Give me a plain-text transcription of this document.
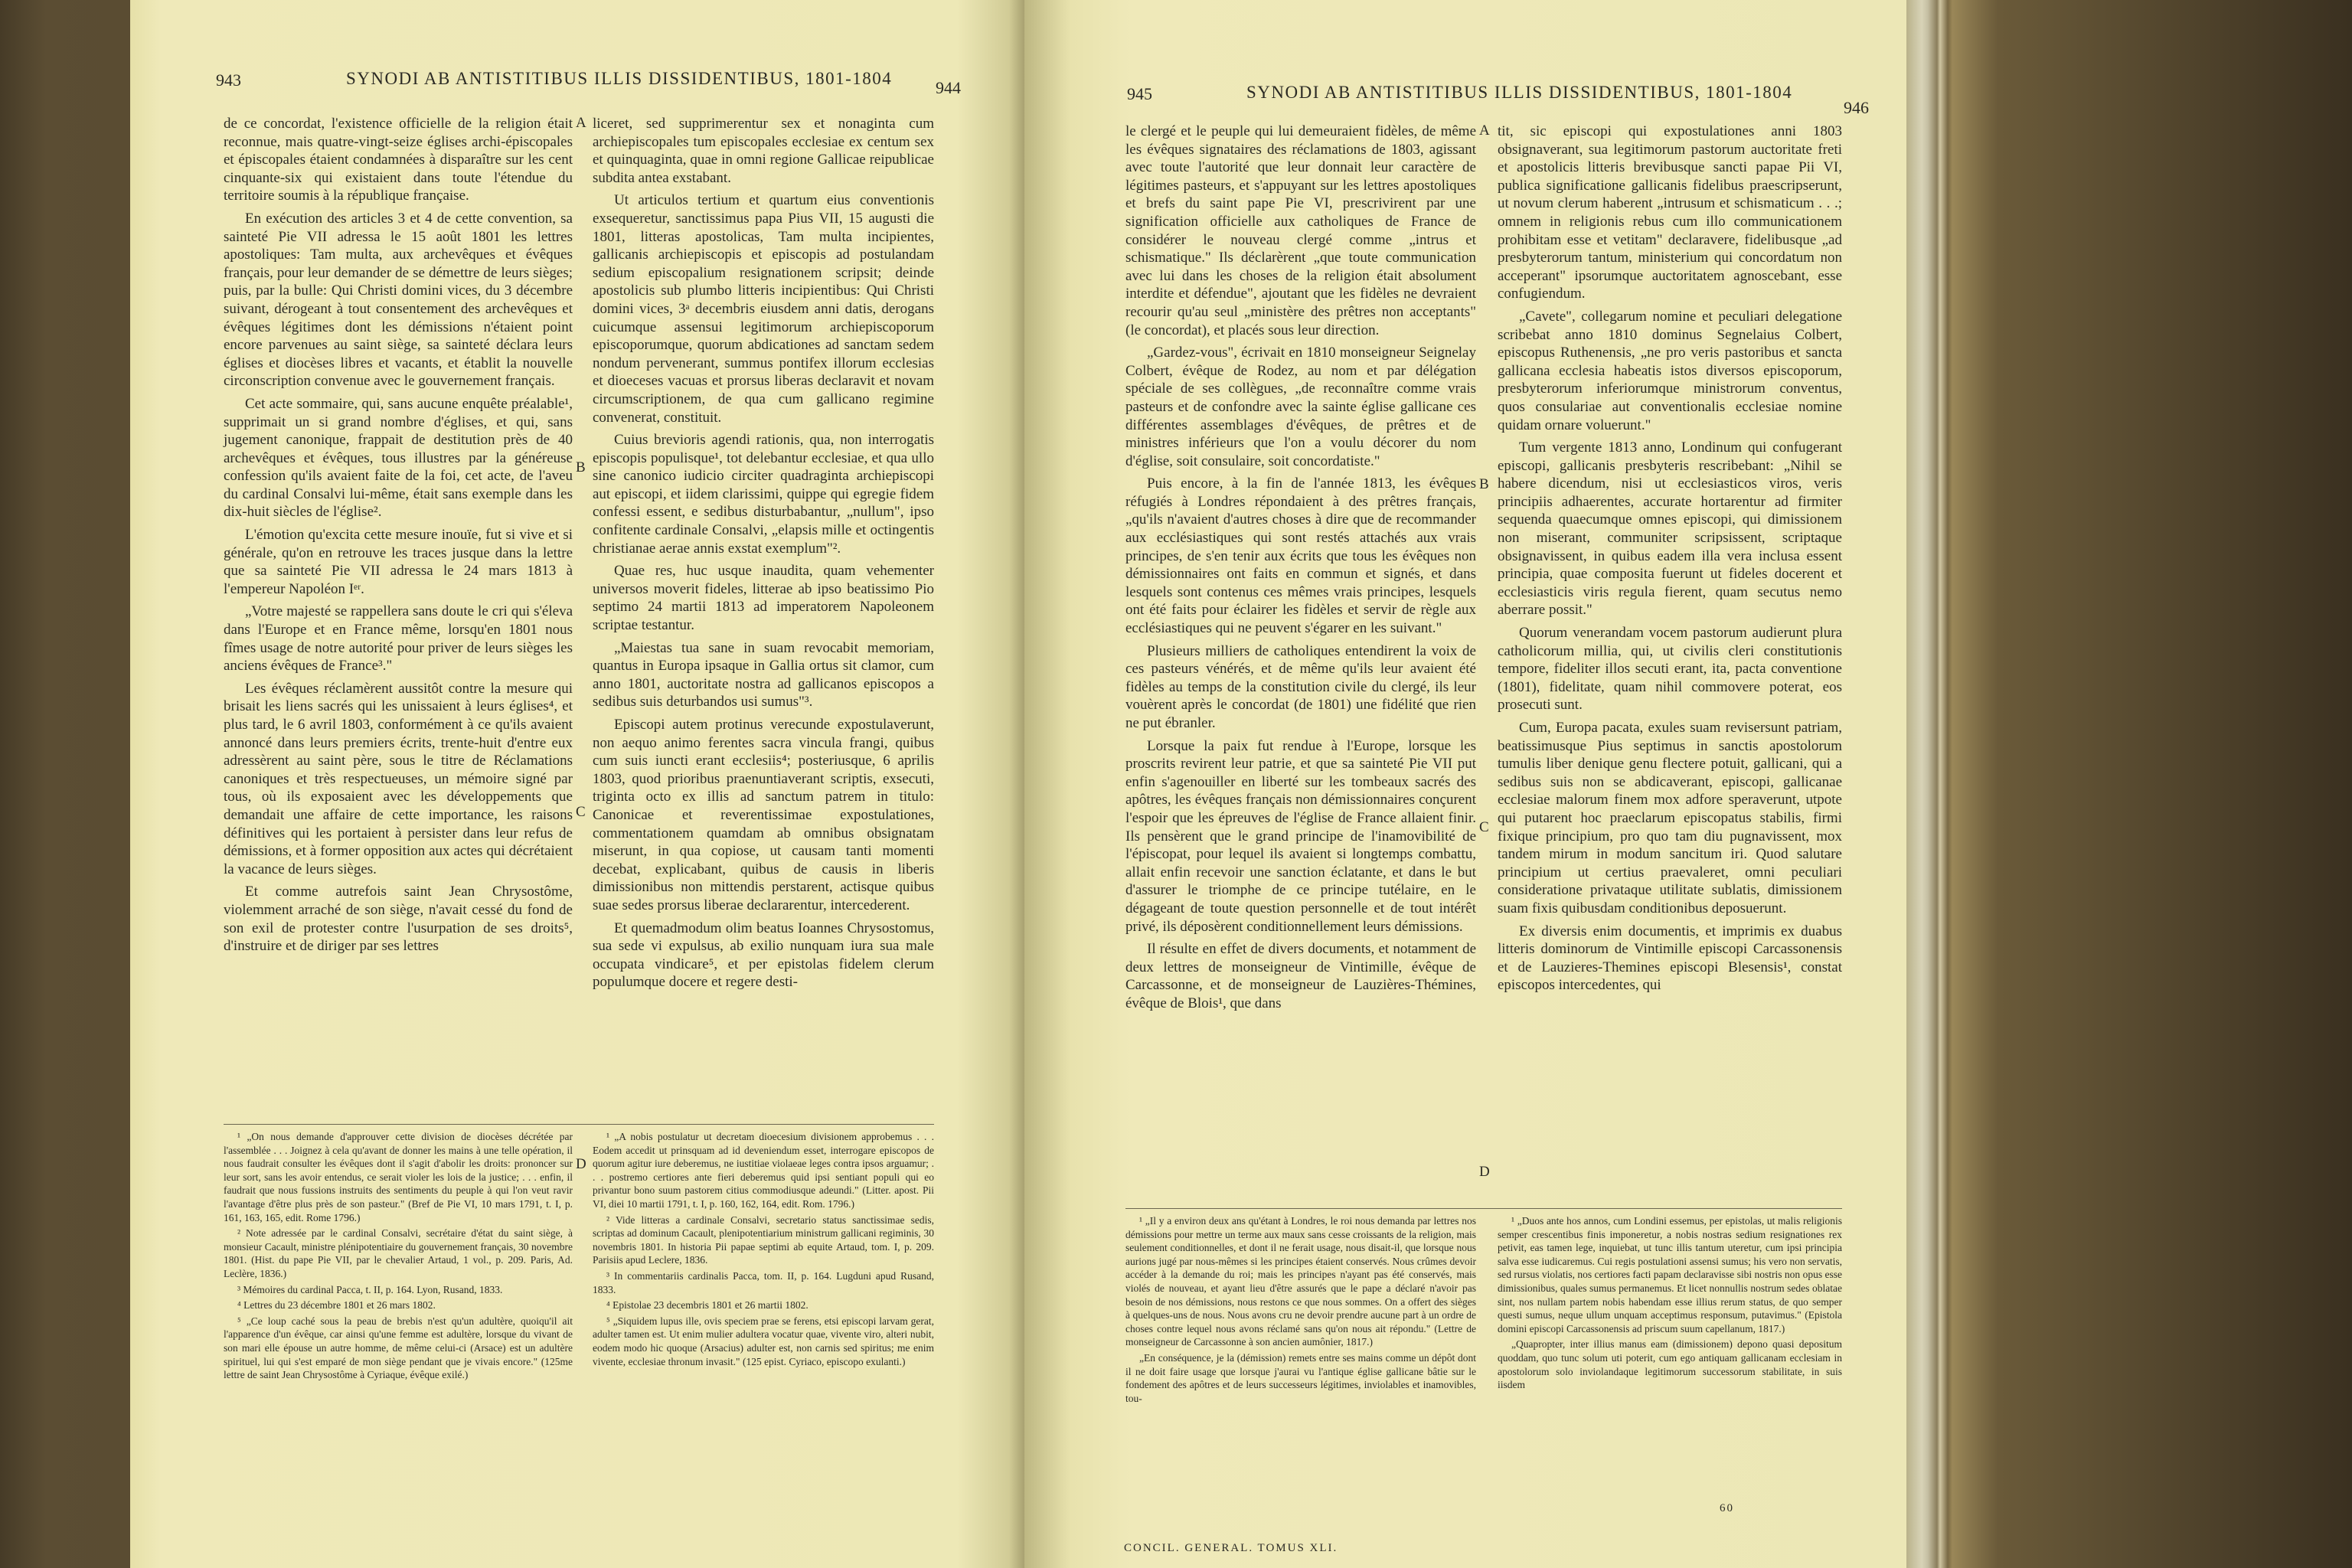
943	SYNODI AB ANTISTITIBUS ILLIS DISSIDENTIBUS, 1801-1804	944

de ce concordat, l'existence officielle de la religion était reconnue, mais quatre-vingt-seize églises archi-épiscopales et épiscopales étaient condamnées à disparaître sur les cent cinquante-six qui existaient dans toute l'étendue du territoire soumis à la république française.

En exécution des articles 3 et 4 de cette convention, sa sainteté Pie VII adressa le 15 août 1801 les lettres apostoliques: Tam multa, aux archevêques et évêques français, pour leur demander de se démettre de leurs sièges; puis, par la bulle: Qui Christi domini vices, du 3 décembre suivant, dérogeant à tout consentement des archevêques et évêques légitimes dont les démissions n'étaient point encore parvenues au saint siège, sa sainteté déclara leurs églises et diocèses libres et vacants, et établit la nouvelle circonscription convenue avec le gouvernement français.

Cet acte sommaire, qui, sans aucune enquête préalable¹, supprimait un si grand nombre d'églises, et qui, sans jugement canonique, frappait de destitution près de 40 archevêques et évêques, tous illustres par la généreuse confession qu'ils avaient faite de la foi, cet acte, de l'aveu du cardinal Consalvi lui-même, était sans exemple dans les dix-huit siècles de l'église².

L'émotion qu'excita cette mesure inouïe, fut si vive et si générale, qu'on en retrouve les traces jusque dans la lettre que sa sainteté Pie VII adressa le 24 mars 1813 à l'empereur Napoléon Iᵉʳ.

„Votre majesté se rappellera sans doute le cri qui s'éleva dans l'Europe et en France même, lorsqu'en 1801 nous fîmes usage de notre autorité pour priver de leurs sièges les anciens évêques de France³."

Les évêques réclamèrent aussitôt contre la mesure qui brisait les liens sacrés qui les unissaient à leurs églises⁴, et plus tard, le 6 avril 1803, conformément à ce qu'ils avaient annoncé dans leurs premiers écrits, trente-huit d'entre eux adressèrent au saint père, sous le titre de Réclamations canoniques et très respectueuses, un mémoire signé par tous, où ils exposaient avec les développements que demandait une affaire de cette importance, les raisons définitives qui les portaient à persister dans leur refus de démissions, et à former opposition aux actes qui décrétaient la vacance de leurs sièges.

Et comme autrefois saint Jean Chrysostôme, violemment arraché de son siège, n'avait cessé du fond de son exil de protester contre l'usurpation de ses droits⁵, d'instruire et de diriger par ses lettres

liceret, sed supprimerentur sex et nonaginta cum archiepiscopales tum episcopales ecclesiae ex centum sex et quinquaginta, quae in omni regione Gallicae reipublicae subdita antea exstabant.

Ut articulos tertium et quartum eius conventionis exsequeretur, sanctissimus papa Pius VII, 15 augusti die 1801, litteras apostolicas, Tam multa incipientes, gallicanis archiepiscopis et episcopis ad postulandam sedium episcopalium resignationem scripsit; deinde apostolicis sub plumbo litteris incipientibus: Qui Christi domini vices, 3ᵃ decembris eiusdem anni datis, derogans cuicumque assensui legitimorum archiepiscoporum episcoporumque, quorum abdicationes ad sanctam sedem nondum pervenerant, summus pontifex illorum ecclesias et dioeceses vacuas et prorsus liberas declaravit et novam circumscriptionem, de qua cum gallicano regimine convenerat, constituit.

Cuius brevioris agendi rationis, qua, non interrogatis episcopis populisque¹, tot delebantur ecclesiae, et qua ullo sine canonico iudicio circiter quadraginta archiepiscopi aut episcopi, et iidem clarissimi, quippe qui egregie fidem confessi essent, e sedibus disturbabantur, „nullum", ipso confitente cardinale Consalvi, „elapsis mille et octingentis christianae aerae annis exstat exemplum"².

Quae res, huc usque inaudita, quam vehementer universos moverit fideles, litterae ab ipso beatissimo Pio septimo 24 martii 1813 ad imperatorem Napoleonem scriptae testantur.

„Maiestas tua sane in suam revocabit memoriam, quantus in Europa ipsaque in Gallia ortus sit clamor, cum anno 1801, auctoritate nostra ad gallicanos episcopos a sedibus suis deturbandos usi sumus"³.

Episcopi autem protinus verecunde expostulaverunt, non aequo animo ferentes sacra vincula frangi, quibus cum suis iuncti erant ecclesiis⁴; posteriusque, 6 aprilis 1803, quod prioribus praenuntiaverant scriptis, exsecuti, triginta octo ex illis ad sanctum patrem in titulo: Canonicae et reverentissimae expostulationes, commentationem quamdam ab omnibus obsignatam miserunt, in qua copiose, ut causam tanti momenti decebat, explicabant, quibus de causis in liberis dimissionibus non mittendis perstarent, actisque quibus suae sedes prorsus liberae declararentur, intercederent.

Et quemadmodum olim beatus Ioannes Chrysostomus, sua sede vi expulsus, ab exilio nunquam iura sua male occupata vindicare⁵, et per epistolas fidelem clerum populumque docere et regere desti-

A
B
C
D

¹ „On nous demande d'approuver cette division de diocèses décrétée par l'assemblée . . . Joignez à cela qu'avant de donner les mains à une telle opération, il nous faudrait consulter les évêques dont il s'agit d'abolir les droits: prononcer sur leur sort, sans les avoir entendus, ce serait violer les lois de la justice; . . . enfin, il faudrait que nous fussions instruits des sentiments du peuple à qui l'on veut ravir l'avantage d'être plus près de son pasteur." (Bref de Pie VI, 10 mars 1791, t. I, p. 161, 163, 165, edit. Rome 1796.)

² Note adressée par le cardinal Consalvi, secrétaire d'état du saint siège, à monsieur Cacault, ministre plénipotentiaire du gouvernement français, 30 novembre 1801. (Hist. du pape Pie VII, par le chevalier Artaud, 1 vol., p. 209. Paris, Ad. Leclère, 1836.)

³ Mémoires du cardinal Pacca, t. II, p. 164. Lyon, Rusand, 1833.

⁴ Lettres du 23 décembre 1801 et 26 mars 1802.

⁵ „Ce loup caché sous la peau de brebis n'est qu'un adultère, quoiqu'il ait l'apparence d'un évêque, car ainsi qu'une femme est adultère, lorsque du vivant de son mari elle épouse un autre homme, de même celui-ci (Arsace) est un adultère spirituel, lui qui s'est emparé de mon siège pendant que je vivais encore." (125me lettre de saint Jean Chrysostôme à Cyriaque, évêque exilé.)

¹ „A nobis postulatur ut decretam dioecesium divisionem approbemus . . . Eodem accedit ut prinsquam ad id deveniendum esset, interrogare episcopos de quorum agitur iure deberemus, ne iustitiae violaeae leges contra ipsos arguamur; . . . postremo certiores ante fieri deberemus quid ipsi sentiant populi qui eo privantur bono suum pastorem citius commodiusque adeundi." (Litter. apost. Pii VI, diei 10 martii 1791, t. I, p. 160, 162, 164, edit. Rom. 1796.)

² Vide litteras a cardinale Consalvi, secretario status sanctissimae sedis, scriptas ad dominum Cacault, plenipotentiarium ministrum gallicani regiminis, 30 novembris 1801. In historia Pii papae septimi ab equite Artaud, tom. I, p. 209. Parisiis apud Leclere, 1836.

³ In commentariis cardinalis Pacca, tom. II, p. 164. Lugduni apud Rusand, 1833.

⁴ Epistolae 23 decembris 1801 et 26 martii 1802.

⁵ „Siquidem lupus ille, ovis speciem prae se ferens, etsi episcopi larvam gerat, adulter tamen est. Ut enim mulier adultera vocatur quae, vivente viro, alteri nubit, eodem modo hic quoque (Arsacius) adulter est, non carnis sed spiritus; me enim vivente, ecclesiae thronum invasit." (125 epist. Cyriaco, episcopo exulanti.)

945	SYNODI AB ANTISTITIBUS ILLIS DISSIDENTIBUS, 1801-1804
946

le clergé et le peuple qui lui demeuraient fidèles, de même les évêques signataires des réclamations de 1803, agissant avec toute l'autorité que leur donnait leur caractère de légitimes pasteurs, et s'appuyant sur les lettres apostoliques et brefs du saint pape Pie VI, prescrivirent par une signification officielle aux catholiques de France de considérer le nouveau clergé comme „intrus et schismatique." Ils déclarèrent „que toute communication avec lui dans les choses de la religion était absolument interdite et défendue", ajoutant que les fidèles ne devraient recourir qu'au seul „ministère des prêtres non acceptants" (le concordat), et placés sous leur direction.

„Gardez-vous", écrivait en 1810 monseigneur Seignelay Colbert, évêque de Rodez, au nom et par délégation spéciale de ses collègues, „de reconnaître comme vrais pasteurs et de confondre avec la sainte église gallicane ces différentes assemblages d'évêques, de prêtres et de ministres inférieurs que l'on a voulu décorer du nom d'église, soit consulaire, soit concordatiste."

Puis encore, à la fin de l'année 1813, les évêques réfugiés à Londres répondaient à des prêtres français, „qu'ils n'avaient d'autres choses à dire que de recommander aux ecclésiastiques qui sont restés attachés aux vrais principes, de s'en tenir aux écrits que tous les évêques non démissionnaires ont faits en commun et signés, et dans lesquels sont contenus ces mêmes vrais principes, lesquels ont été faits pour éclairer les fidèles et servir de règle aux ecclésiastiques qui ne peuvent s'égarer en les suivant."

Plusieurs milliers de catholiques entendirent la voix de ces pasteurs vénérés, et de même qu'ils leur avaient été fidèles au temps de la constitution civile du clergé, ils leur vouèrent après le concordat (de 1801) une fidélité que rien ne put ébranler.

Lorsque la paix fut rendue à l'Europe, lorsque les proscrits revirent leur patrie, et que sa sainteté Pie VII put enfin s'agenouiller en liberté sur les tombeaux sacrés des apôtres, les évêques français non démissionnaires conçurent l'espoir que les épreuves de l'église de France allaient finir. Ils pensèrent que le grand principe de l'inamovibilité de l'épiscopat, pour lequel ils avaient si longtemps combattu, allait enfin recevoir une sanction éclatante, et dans le but d'assurer le triomphe de ce principe tutélaire, en le dégageant de toute question personnelle et de tout intérêt privé, ils déposèrent conditionnellement leurs démissions.

Il résulte en effet de divers documents, et notamment de deux lettres de monseigneur de Vintimille, évêque de Carcassonne, et de monseigneur de Lauzières-Thémines, évêque de Blois¹, que dans

tit, sic episcopi qui expostulationes anni 1803 obsignaverant, sua legitimorum pastorum auctoritate freti et apostolicis litteris brevibusque sancti papae Pii VI, publica significatione gallicanis fidelibus praescripserunt, ut novum clerum haberent „intrusum et schismaticum . . .; omnem in religionis rebus cum illo communicationem prohibitam esse et vetitam" declaravere, fidelibusque „ad presbyterorum tantum, ministerium qui concordatum non acceperant" ipsorumque auctoritatem agnoscebant, esse confugiendum.

„Cavete", collegarum nomine et peculiari delegatione scribebat anno 1810 dominus Segnelaius Colbert, episcopus Ruthenensis, „ne pro veris pastoribus et sancta gallicana ecclesia habeatis istos diversos episcoporum, presbyterorum inferiorumque ministrorum conventus, quos consulariae aut conventionalis ecclesiae nomine quidam ornare voluerunt."

Tum vergente 1813 anno, Londinum qui confugerant episcopi, gallicanis presbyteris rescribebant: „Nihil se habere dicendum, nisi ut ecclesiasticos viros, veris principiis adhaerentes, accurate hortarentur ad firmiter sequenda quaecumque omnes episcopi, qui dimissionem non miserant, communiter scripsissent, scriptaque obsignavissent, in quibus eadem illa vera inclusa essent principia, quae composita fuerunt ut fideles docerent et ecclesiasticis viris regula fierent, quam secutus nemo aberrare possit."

Quorum venerandam vocem pastorum audierunt plura catholicorum millia, qui, ut civilis cleri constitutionis tempore, fideliter illos secuti erant, ita, pacta conventione (1801), fidelitate, quam nihil commovere poterat, eos prosecuti sunt.

Cum, Europa pacata, exules suam revisersunt patriam, beatissimusque Pius septimus in sanctis apostolorum tumulis liber denique genu flectere potuit, gallicani, qui a sedibus suis non se abdicaverant, episcopi, gallicanae ecclesiae malorum finem mox adfore speraverunt, utpote qui putarent hoc praeclarum episcopatus stabilis, firmi fixique principium, pro quo tam diu pugnavissent, mox tandem mirum in modum sancitum iri. Quod salutare principium ut certius praevaleret, omni peculiari consideratione privataque utilitate sublatis, dimissionem suam fixis quibusdam conditionibus deposuerunt.

Ex diversis enim documentis, et imprimis ex duabus litteris dominorum de Vintimille episcopi Carcassonensis et de Lauzieres-Themines episcopi Blesensis¹, constat episcopos intercedentes, qui

A
B
C
D

¹ „Il y a environ deux ans qu'étant à Londres, le roi nous demanda par lettres nos démissions pour mettre un terme aux maux sans cesse croissants de la religion, mais seulement conditionnelles, et dont il ne ferait usage, nous disait-il, que lorsque nous aurions jugé par nous-mêmes si les principes étaient conservés. Nous crûmes devoir accéder à la demande du roi; mais les principes n'ayant pas été conservés, mais violés de nouveau, et ayant lieu d'être assurés que le pape a déclaré n'avoir pas besoin de nos démissions, nous restons ce que nous sommes. On a offert des sièges à quelques-uns de nous. Nous avons cru ne devoir prendre aucune part à un ordre de choses contre lequel nous avons réclamé sans qu'on nous ait répondu." (Lettre de monseigneur de Carcassonne à son ancien aumônier, 1817.)

„En conséquence, je la (démission) remets entre ses mains comme un dépôt dont il ne doit faire usage que lorsque j'aurai vu l'antique église gallicane bâtie sur le fondement des apôtres et de leurs successeurs légitimes, inviolables et inamovibles, tou-

¹ „Duos ante hos annos, cum Londini essemus, per epistolas, ut malis religionis semper crescentibus finis imponeretur, a nobis nostras sedium resignationes rex petivit, eas tamen lege, inquiebat, ut tunc illis tantum uteretur, cum ipsi principia salva esse iudicaremus. Cui regis postulationi assensi sumus; his vero non servatis, sed rursus violatis, nos certiores facti papam declaravisse sibi nostris non opus esse dimissionibus, quales sumus permanemus. Et licet nonnullis nostrum sedes oblatae sint, nos nullam partem nobis habendam esse illius rerum status, de quo semper questi sumus, neque ullum unquam acceptimus responsum, putavimus." (Epistola domini episcopi Carcassonensis ad priscum suum capellanum, 1817.)

„Quapropter, inter illius manus eam (dimissionem) depono quasi depositum quoddam, quo tunc solum uti poterit, cum ego antiquam gallicanam ecclesiam in apostolorum solo inviolandaque legitimorum successorum stabilitate, in suis iisdem

CONCIL. GENERAL. TOMUS XLI.
60
